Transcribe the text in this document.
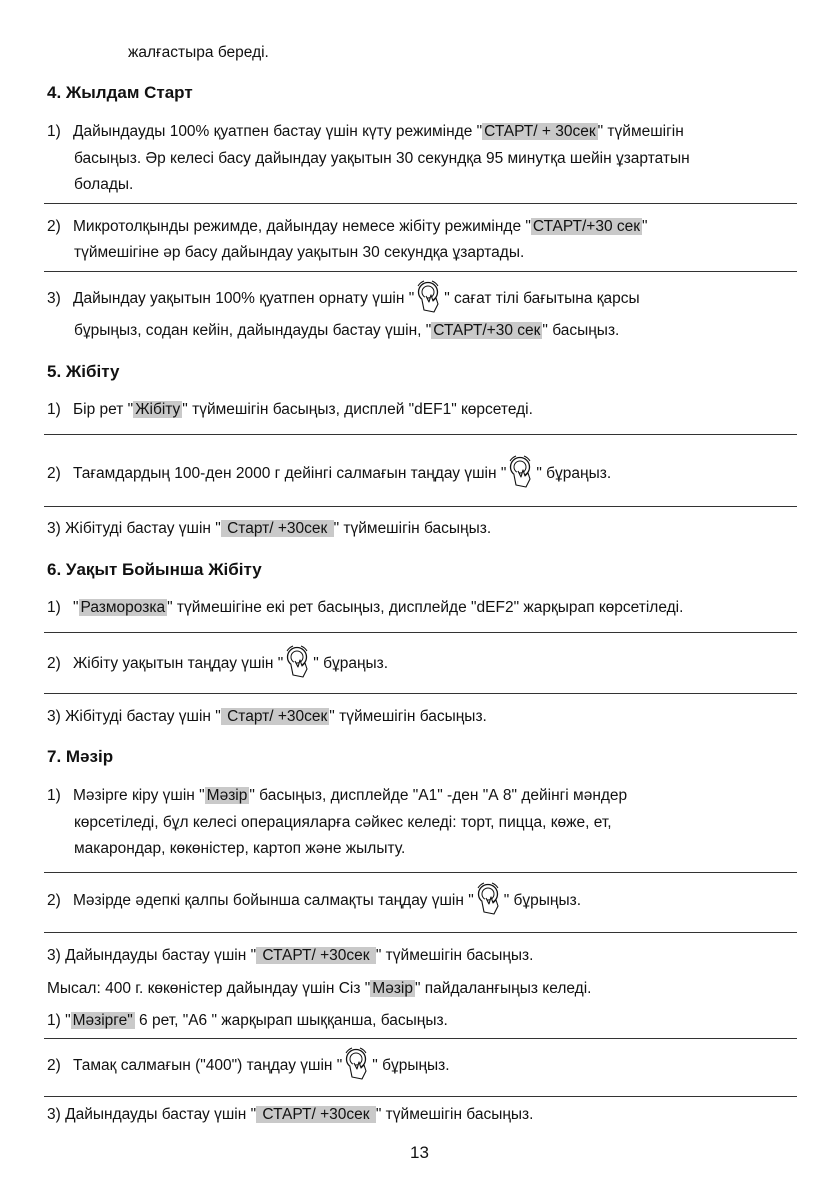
жалғастыра береді.
4. Жылдам Старт
1) Дайындауды 100% қуатпен бастау үшін күту режимінде " СТАРТ/ + 30сек " түймешігін
басыңыз. Әр келесі басу дайындау уақытын 30 секундқа 95 минутқа шейін ұзартатын
болады.
2) Микротолқынды режимде, дайындау немесе жібіту режимінде " СТАРТ/+30 сек "
түймешігіне әр басу дайындау уақытын 30 секундқа ұзартады.
3) Дайындау уақытын 100% қуатпен орнату үшін " " сағат тілі бағытына қарсы
бұрыңыз, содан кейін, дайындауды бастау үшін, " СТАРТ/+30 сек " басыңыз.
5. Жібіту
1) Бір рет " Жібіту " түймешігін басыңыз, дисплей "dEF1" көрсетеді.
2) Тағамдардың 100-ден 2000 г дейінгі салмағын таңдау үшін " " бұраңыз.
3) Жібітуді бастау үшін " Старт/ +30сек " түймешігін басыңыз.
6. Уақыт Бойынша Жібіту
1) " Разморозка " түймешігіне екі рет басыңыз, дисплейде "dEF2" жарқырап көрсетіледі.
2) Жібіту уақытын таңдау үшін " " бұраңыз.
3) Жібітуді бастау үшін " Старт/ +30сек " түймешігін басыңыз.
7. Мәзір
1) Мәзірге кіру үшін " Мәзір " басыңыз, дисплейде "А1" -ден "А 8" дейінгі мәндер
көрсетіледі, бұл келесі операцияларға сәйкес келеді: торт, пицца, көже, ет,
макарондар, көкөністер, картоп және жылыту.
2) Мәзірде әдепкі қалпы бойынша салмақты таңдау үшін " " бұрыңыз.
3) Дайындауды бастау үшін " СТАРТ/ +30сек " түймешігін басыңыз.
Мысал: 400 г. көкөністер дайындау үшін Сіз " Мәзір " пайдаланғыңыз келеді.
1) " Мәзірге" 6 рет, "А6 " жарқырап шыққанша, басыңыз.
2) Тамақ салмағын ("400") таңдау үшін " " бұрыңыз.
3) Дайындауды бастау үшін " СТАРТ/ +30сек " түймешігін басыңыз.
13
